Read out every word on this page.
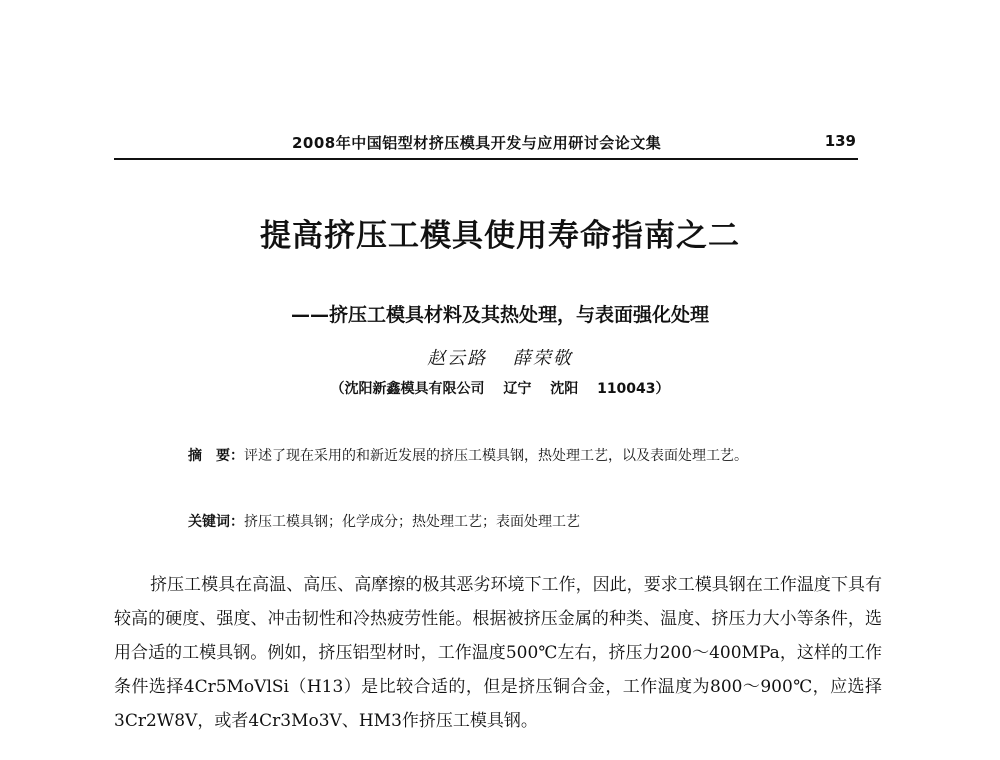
2008年中国铝型材挤压模具开发与应用研讨会论文集	139
提高挤压工模具使用寿命指南之二
——挤压工模具材料及其热处理，与表面强化处理
赵云路 薛荣敬
（沈阳新鑫模具有限公司 辽宁 沈阳 110043）
摘　要：评述了现在采用的和新近发展的挤压工模具钢，热处理工艺，以及表面处理工艺。
关键词：挤压工模具钢；化学成分；热处理工艺；表面处理工艺
挤压工模具在高温、高压、高摩擦的极其恶劣环境下工作，因此，要求工模具钢在工作温度下具有较高的硬度、强度、冲击韧性和冷热疲劳性能。根据被挤压金属的种类、温度、挤压力大小等条件，选用合适的工模具钢。例如，挤压铝型材时，工作温度500℃左右，挤压力200～400MPa，这样的工作条件选择4Cr5MoVlSi（H13）是比较合适的，但是挤压铜合金，工作温度为800～900℃，应选择3Cr2W8V，或者4Cr3Mo3V、HM3作挤压工模具钢。
